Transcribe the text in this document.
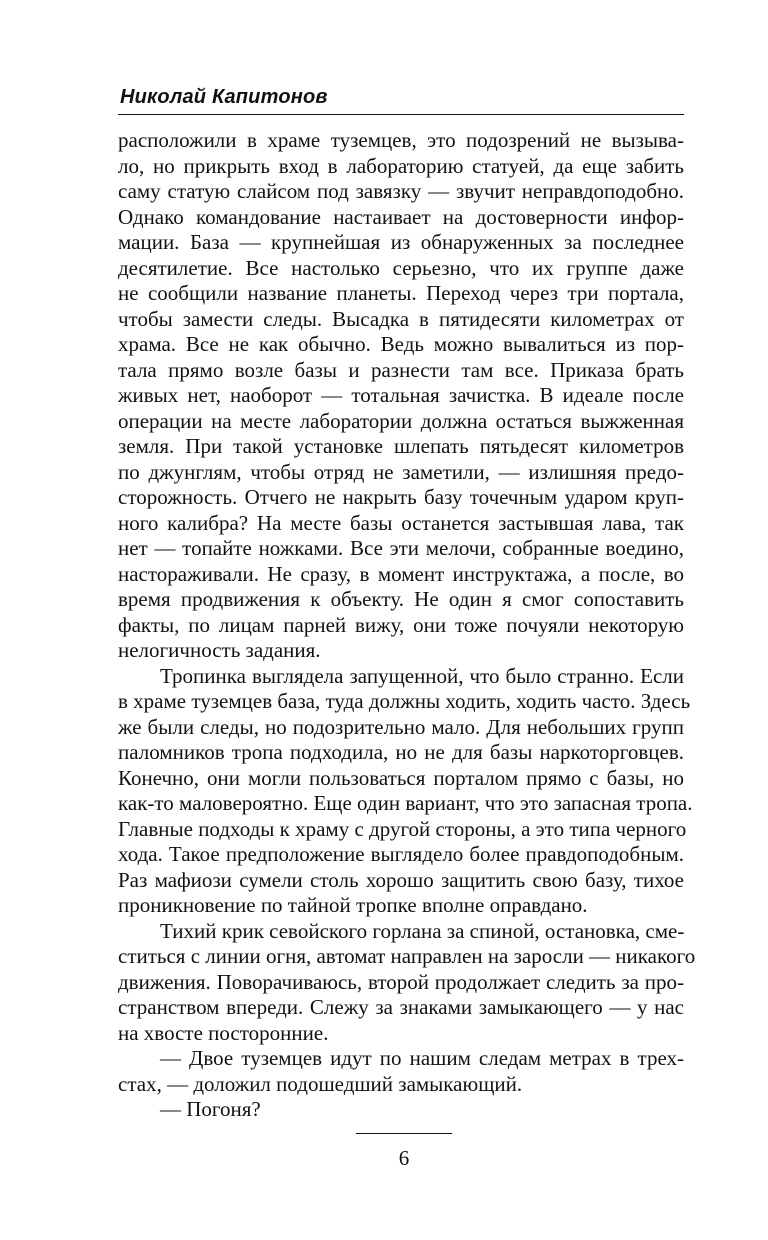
Николай Капитонов

расположили в храме туземцев, это подозрений не вызыва-
ло, но прикрыть вход в лабораторию статуей, да еще забить
саму статую слайсом под завязку — звучит неправдоподобно.
Однако командование настаивает на достоверности инфор-
мации. База — крупнейшая из обнаруженных за последнее
десятилетие. Все настолько серьезно, что их группе даже
не сообщили название планеты. Переход через три портала,
чтобы замести следы. Высадка в пятидесяти километрах от
храма. Все не как обычно. Ведь можно вывалиться из пор-
тала прямо возле базы и разнести там все. Приказа брать
живых нет, наоборот — тотальная зачистка. В идеале после
операции на месте лаборатории должна остаться выжженная
земля. При такой установке шлепать пятьдесят километров
по джунглям, чтобы отряд не заметили, — излишняя предо-
сторожность. Отчего не накрыть базу точечным ударом круп-
ного калибра? На месте базы останется застывшая лава, так
нет — топайте ножками. Все эти мелочи, собранные воедино,
настораживали. Не сразу, в момент инструктажа, а после, во
время продвижения к объекту. Не один я смог сопоставить
факты, по лицам парней вижу, они тоже почуяли некоторую
нелогичность задания.

Тропинка выглядела запущенной, что было странно. Если
в храме туземцев база, туда должны ходить, ходить часто. Здесь
же были следы, но подозрительно мало. Для небольших групп
паломников тропа подходила, но не для базы наркоторговцев.
Конечно, они могли пользоваться порталом прямо с базы, но
как-то маловероятно. Еще один вариант, что это запасная тропа.
Главные подходы к храму с другой стороны, а это типа черного
хода. Такое предположение выглядело более правдоподобным.
Раз мафиози сумели столь хорошо защитить свою базу, тихое
проникновение по тайной тропке вполне оправдано.

Тихий крик севойского горлана за спиной, остановка, сме-
ститься с линии огня, автомат направлен на заросли — никакого
движения. Поворачиваюсь, второй продолжает следить за про-
странством впереди. Слежу за знаками замыкающего — у нас
на хвосте посторонние.

— Двое туземцев идут по нашим следам метрах в трех-
стах, — доложил подошедший замыкающий.

— Погоня?

6
